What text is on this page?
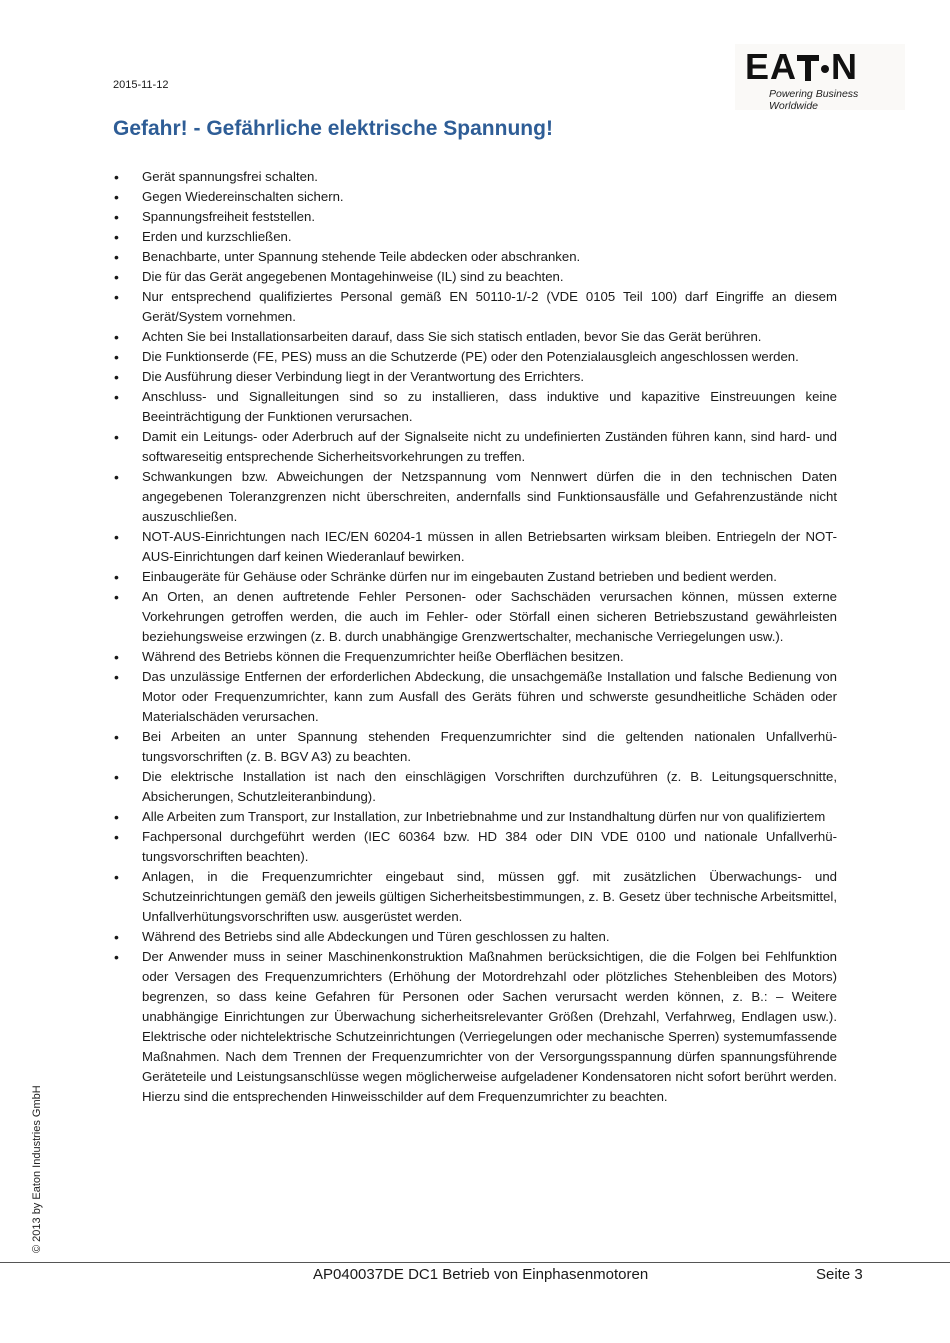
2015-11-12	EA N
Powering Business Worldwide
Gefahr! - Gefährliche elektrische Spannung!
• Gerät spannungsfrei schalten.
• Gegen Wiedereinschalten sichern.
• Spannungsfreiheit feststellen.
• Erden und kurzschließen.
• Benachbarte, unter Spannung stehende Teile abdecken oder abschranken.
• Die für das Gerät angegebenen Montagehinweise (IL) sind zu beachten.
• Nur entsprechend qualifiziertes Personal gemäß EN 50110-1/-2 (VDE 0105 Teil 100) darf Eingriffe an diesem Gerät/System vornehmen.
• Achten Sie bei Installationsarbeiten darauf, dass Sie sich statisch entladen, bevor Sie das Gerät berühren.
• Die Funktionserde (FE, PES) muss an die Schutzerde (PE) oder den Potenzialausgleich angeschlossen werden.
• Die Ausführung dieser Verbindung liegt in der Verantwortung des Errichters.
• Anschluss- und Signalleitungen sind so zu installieren, dass induktive und kapazitive Einstreuungen keine Beeinträchtigung der Funktionen verursachen.
• Damit ein Leitungs- oder Aderbruch auf der Signalseite nicht zu undefinierten Zuständen führen kann, sind hard- und softwareseitig entsprechende Sicherheitsvorkehrungen zu treffen.
• Schwankungen bzw. Abweichungen der Netzspannung vom Nennwert dürfen die in den technischen Daten angegebenen Toleranzgrenzen nicht überschreiten, andernfalls sind Funktionsausfälle und Gefahrenzustände nicht auszuschließen.
• NOT-AUS-Einrichtungen nach IEC/EN 60204-1 müssen in allen Betriebsarten wirksam bleiben. Entriegeln der NOT-AUS-Einrichtungen darf keinen Wiederanlauf bewirken.
• Einbaugeräte für Gehäuse oder Schränke dürfen nur im eingebauten Zustand betrieben und bedient werden.
• An Orten, an denen auftretende Fehler Personen- oder Sachschäden verursachen können, müssen externe Vorkehrungen getroffen werden, die auch im Fehler- oder Störfall einen sicheren Betriebszustand gewährleisten beziehungsweise erzwingen (z. B. durch unabhängige Grenzwertschalter, mechanische Verriegelungen usw.).
• Während des Betriebs können die Frequenzumrichter heiße Oberflächen besitzen.
• Das unzulässige Entfernen der erforderlichen Abdeckung, die unsachgemäße Installation und falsche Bedienung von Motor oder Frequenzumrichter, kann zum Ausfall des Geräts führen und schwerste gesundheitliche Schäden oder Materialschäden verursachen.
• Bei Arbeiten an unter Spannung stehenden Frequenzumrichter sind die geltenden nationalen Unfallverhütungsvorschriften (z. B. BGV A3) zu beachten.
• Die elektrische Installation ist nach den einschlägigen Vorschriften durchzuführen (z. B. Leitungsquerschnitte, Absicherungen, Schutzleiteranbindung).
• Alle Arbeiten zum Transport, zur Installation, zur Inbetriebnahme und zur Instandhaltung dürfen nur von qualifiziertem
• Fachpersonal durchgeführt werden (IEC 60364 bzw. HD 384 oder DIN VDE 0100 und nationale Unfallverhütungsvorschriften beachten).
• Anlagen, in die Frequenzumrichter eingebaut sind, müssen ggf. mit zusätzlichen Überwachungs- und Schutzeinrichtungen gemäß den jeweils gültigen Sicherheitsbestimmungen, z. B. Gesetz über technische Arbeitsmittel, Unfallverhütungsvorschriften usw. ausgerüstet werden.
• Während des Betriebs sind alle Abdeckungen und Türen geschlossen zu halten.
• Der Anwender muss in seiner Maschinenkonstruktion Maßnahmen berücksichtigen, die die Folgen bei Fehlfunktion oder Versagen des Frequenzumrichters (Erhöhung der Motordrehzahl oder plötzliches Stehenbleiben des Motors) begrenzen, so dass keine Gefahren für Personen oder Sachen verursacht werden können, z. B.: – Weitere unabhängige Einrichtungen zur Überwachung sicherheitsrelevanter Größen (Drehzahl, Verfahrweg, Endlagen usw.). Elektrische oder nichtelektrische Schutzeinrichtungen (Verriegelungen oder mechanische Sperren) systemumfassende Maßnahmen. Nach dem Trennen der Frequenzumrichter von der Versorgungsspannung dürfen spannungsführende Geräteteile und Leistungsanschlüsse wegen möglicherweise aufgeladener Kondensatoren nicht sofort berührt werden. Hierzu sind die entsprechenden Hinweisschilder auf dem Frequenzumrichter zu beachten.
© 2013 by Eaton Industries GmbH
AP040037DE DC1 Betrieb von Einphasenmotoren	Seite 3
